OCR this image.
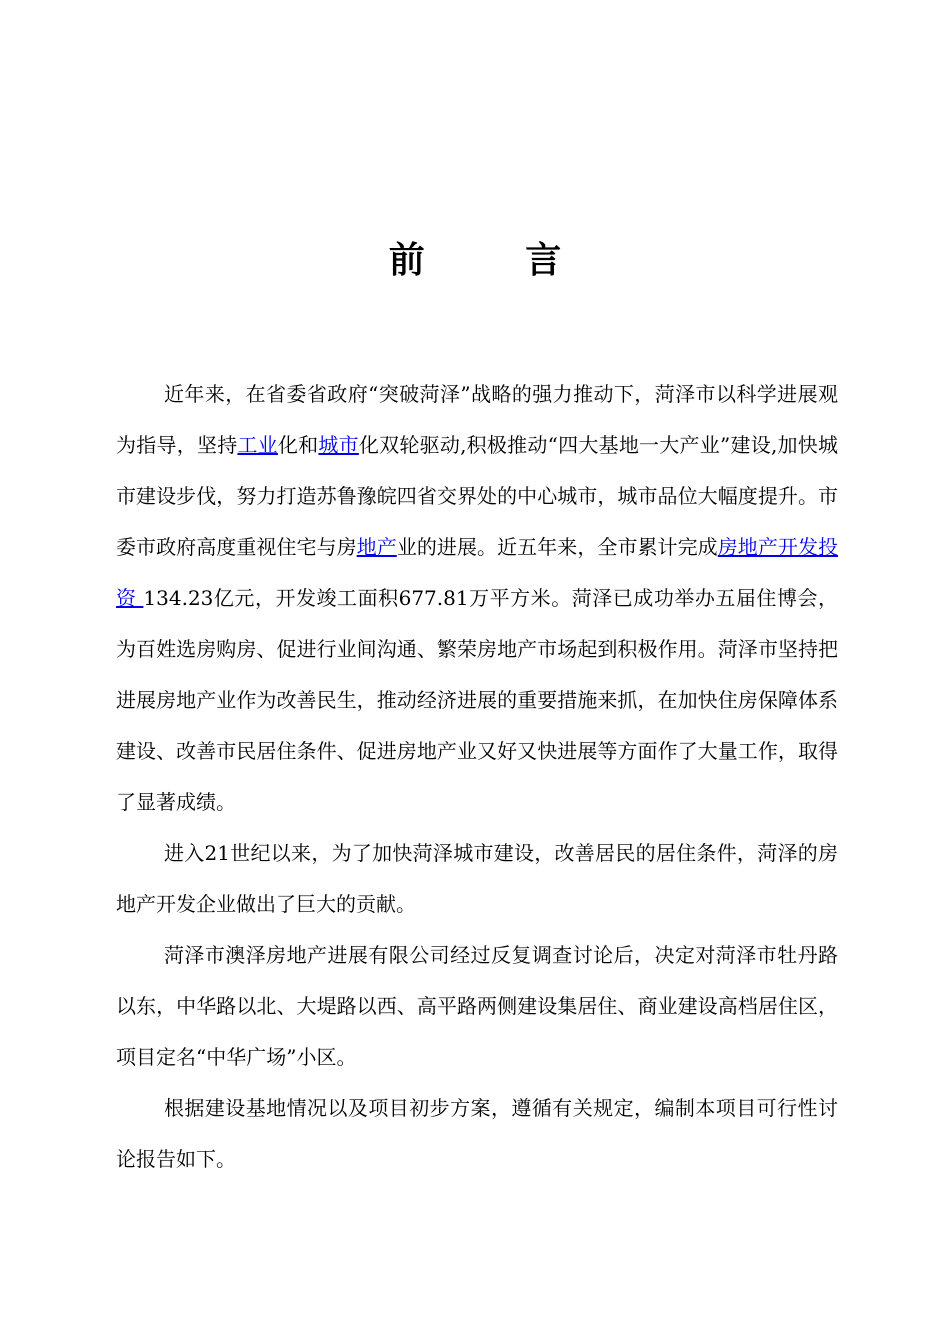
前 言

近年来，在省委省政府“突破菏泽”战略的强力推动下，菏泽市以科学进展观为指导，坚持工业化和城市化双轮驱动,积极推动“四大基地一大产业”建设,加快城市建设步伐，努力打造苏鲁豫皖四省交界处的中心城市，城市品位大幅度提升。市委市政府高度重视住宅与房地产业的进展。近五年来，全市累计完成房地产开发投资 134.23亿元，开发竣工面积677.81万平方米。菏泽已成功举办五届住博会，为百姓选房购房、促进行业间沟通、繁荣房地产市场起到积极作用。菏泽市坚持把进展房地产业作为改善民生，推动经济进展的重要措施来抓，在加快住房保障体系建设、改善市民居住条件、促进房地产业又好又快进展等方面作了大量工作，取得了显著成绩。

进入21世纪以来，为了加快菏泽城市建设，改善居民的居住条件，菏泽的房地产开发企业做出了巨大的贡献。

菏泽市澳泽房地产进展有限公司经过反复调查讨论后，决定对菏泽市牡丹路以东，中华路以北、大堤路以西、高平路两侧建设集居住、商业建设高档居住区，项目定名“中华广场”小区。

根据建设基地情况以及项目初步方案，遵循有关规定，编制本项目可行性讨论报告如下。
